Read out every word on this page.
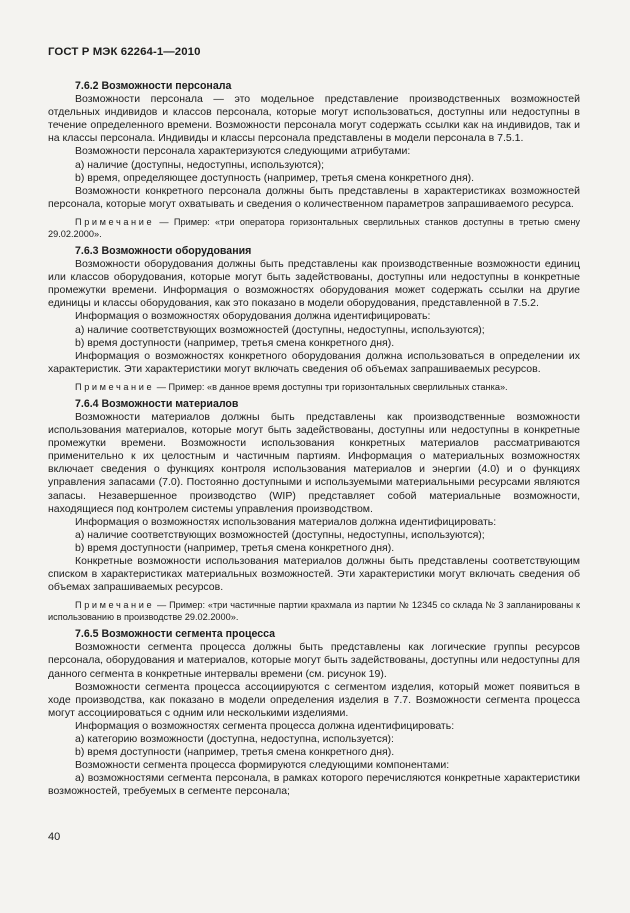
ГОСТ Р МЭК 62264-1—2010
7.6.2 Возможности персонала

Возможности персонала — это модельное представление производственных возможностей отдельных индивидов и классов персонала, которые могут использоваться, доступны или недоступны в течение определенного времени. Возможности персонала могут содержать ссылки как на индивидов, так и на классы персонала. Индивиды и классы персонала представлены в модели персонала в 7.5.1.

Возможности персонала характеризуются следующими атрибутами:

а) наличие (доступны, недоступны, используются);

b) время, определяющее доступность (например, третья смена конкретного дня).

Возможности конкретного персонала должны быть представлены в характеристиках возможностей персонала, которые могут охватывать и сведения о количественном параметров запрашиваемого ресурса.

Примечание — Пример: «три оператора горизонтальных сверлильных станков доступны в третью смену 29.02.2000».
7.6.3 Возможности оборудования

Возможности оборудования должны быть представлены как производственные возможности единиц или классов оборудования, которые могут быть задействованы, доступны или недоступны в конкретные промежутки времени. Информация о возможностях оборудования может содержать ссылки на другие единицы и классы оборудования, как это показано в модели оборудования, представленной в 7.5.2.

Информация о возможностях оборудования должна идентифицировать:

а) наличие соответствующих возможностей (доступны, недоступны, используются);

b) время доступности (например, третья смена конкретного дня).

Информация о возможностях конкретного оборудования должна использоваться в определении их характеристик. Эти характеристики могут включать сведения об объемах запрашиваемых ресурсов.

Примечание — Пример: «в данное время доступны три горизонтальных сверлильных станка».
7.6.4 Возможности материалов

Возможности материалов должны быть представлены как производственные возможности использования материалов, которые могут быть задействованы, доступны или недоступны в конкретные промежутки времени. Возможности использования конкретных материалов рассматриваются применительно к их целостным и частичным партиям. Информация о материальных возможностях включает сведения о функциях контроля использования материалов и энергии (4.0) и о функциях управления запасами (7.0). Постоянно доступными и используемыми материальными ресурсами являются запасы. Незавершенное производство (WIP) представляет собой материальные возможности, находящиеся под контролем системы управления производством.

Информация о возможностях использования материалов должна идентифицировать:

а) наличие соответствующих возможностей (доступны, недоступны, используются);

b) время доступности (например, третья смена конкретного дня).

Конкретные возможности использования материалов должны быть представлены соответствующим списком в характеристиках материальных возможностей. Эти характеристики могут включать сведения об объемах запрашиваемых ресурсов.

Примечание — Пример: «три частичные партии крахмала из партии № 12345 со склада № 3 запланированы к использованию в производстве 29.02.2000».
7.6.5 Возможности сегмента процесса

Возможности сегмента процесса должны быть представлены как логические группы ресурсов персонала, оборудования и материалов, которые могут быть задействованы, доступны или недоступны для данного сегмента в конкретные интервалы времени (см. рисунок 19).

Возможности сегмента процесса ассоциируются с сегментом изделия, который может появиться в ходе производства, как показано в модели определения изделия в 7.7. Возможности сегмента процесса могут ассоциироваться с одним или несколькими изделиями.

Информация о возможностях сегмента процесса должна идентифицировать:

а) категорию возможности (доступна, недоступна, используется):

b) время доступности (например, третья смена конкретного дня).

Возможности сегмента процесса формируются следующими компонентами:

а) возможностями сегмента персонала, в рамках которого перечисляются конкретные характеристики возможностей, требуемых в сегменте персонала;

40
